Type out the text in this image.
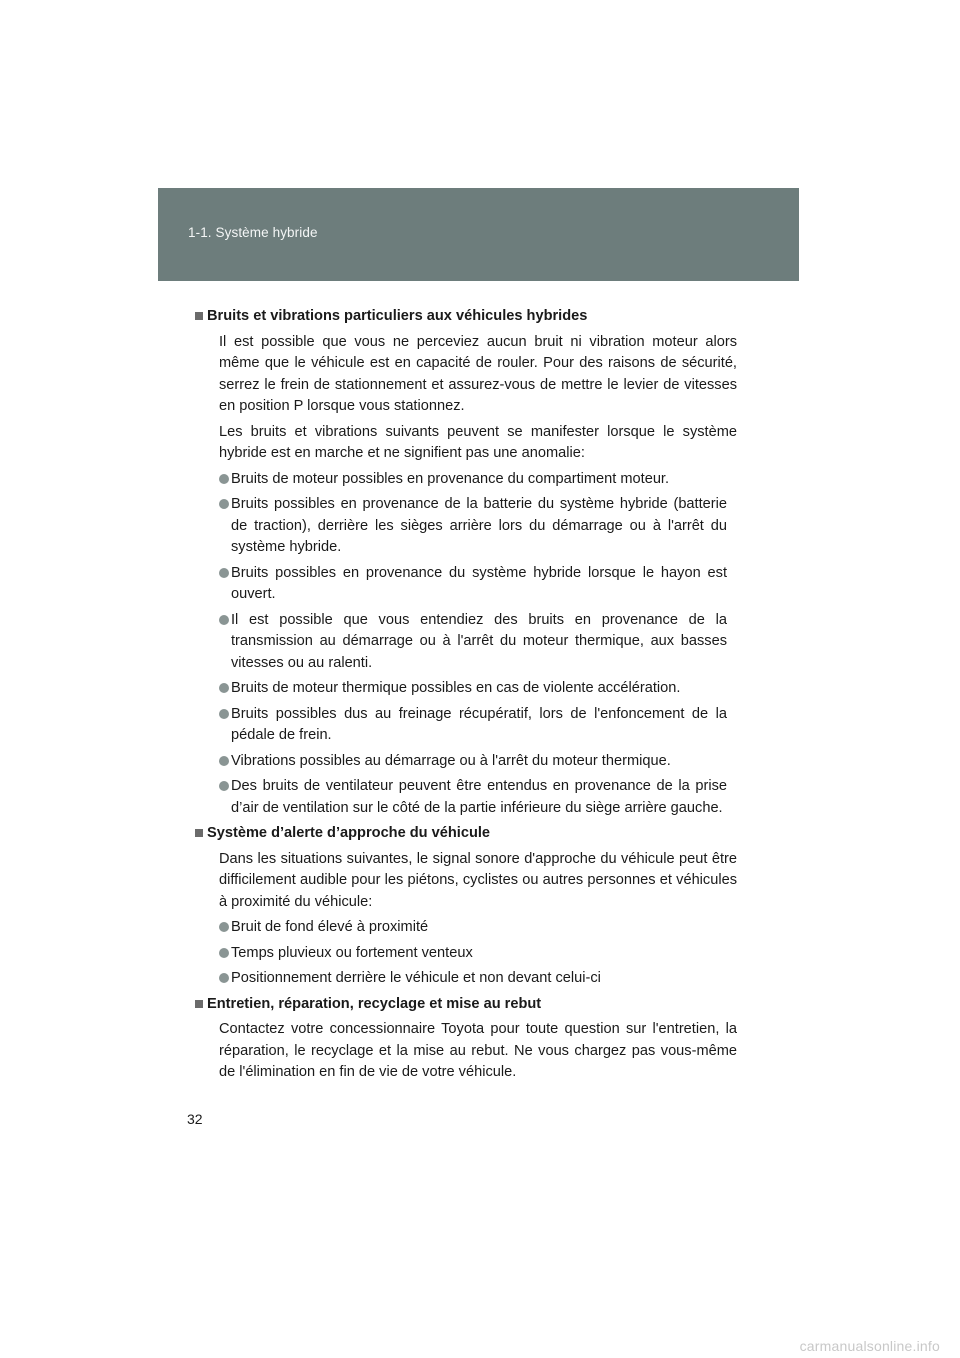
1-1. Système hybride
Bruits et vibrations particuliers aux véhicules hybrides
Il est possible que vous ne perceviez aucun bruit ni vibration moteur alors même que le véhicule est en capacité de rouler. Pour des raisons de sécurité, serrez le frein de stationnement et assurez-vous de mettre le levier de vitesses en position P lorsque vous stationnez.
Les bruits et vibrations suivants peuvent se manifester lorsque le système hybride est en marche et ne signifient pas une anomalie:
Bruits de moteur possibles en provenance du compartiment moteur.
Bruits possibles en provenance de la batterie du système hybride (batterie de traction), derrière les sièges arrière lors du démarrage ou à l'arrêt du système hybride.
Bruits possibles en provenance du système hybride lorsque le hayon est ouvert.
Il est possible que vous entendiez des bruits en provenance de la transmission au démarrage ou à l'arrêt du moteur thermique, aux basses vitesses ou au ralenti.
Bruits de moteur thermique possibles en cas de violente accélération.
Bruits possibles dus au freinage récupératif, lors de l'enfoncement de la pédale de frein.
Vibrations possibles au démarrage ou à l'arrêt du moteur thermique.
Des bruits de ventilateur peuvent être entendus en provenance de la prise d’air de ventilation sur le côté de la partie inférieure du siège arrière gauche.
Système d’alerte d’approche du véhicule
Dans les situations suivantes, le signal sonore d'approche du véhicule peut être difficilement audible pour les piétons, cyclistes ou autres personnes et véhicules à proximité du véhicule:
Bruit de fond élevé à proximité
Temps pluvieux ou fortement venteux
Positionnement derrière le véhicule et non devant celui-ci
Entretien, réparation, recyclage et mise au rebut
Contactez votre concessionnaire Toyota pour toute question sur l'entretien, la réparation, le recyclage et la mise au rebut. Ne vous chargez pas vous-même de l'élimination en fin de vie de votre véhicule.
32
carmanualsonline.info
